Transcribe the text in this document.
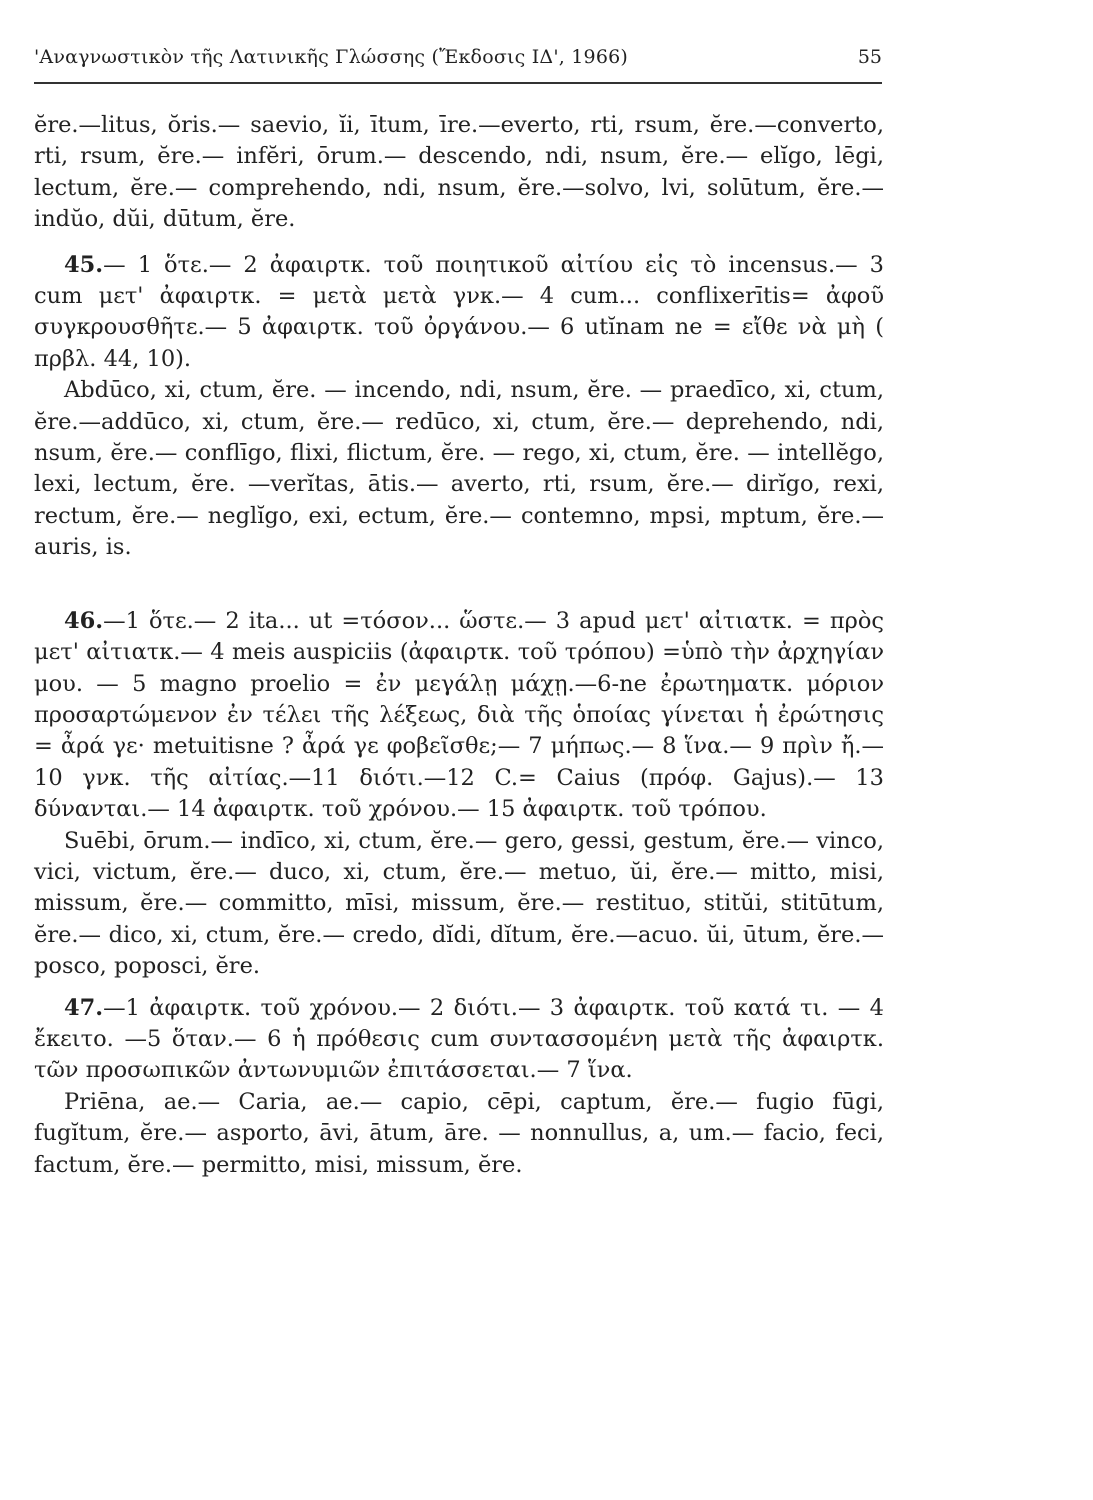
'Αναγνωστικὸν τῆς Λατινικῆς Γλώσσης (Ἔκδοσις ΙΔ', 1966)	55

ĕre.—litus, ŏris.— saevio, ĭi, ītum, īre.—everto, rti, rsum, ĕre.—converto, rti, rsum, ĕre.— infĕri, ōrum.— descendo, ndi, nsum, ĕre.— elĭgo, lēgi, lectum, ĕre.— comprehendo, ndi, nsum, ĕre.—solvo, lvi, solūtum, ĕre.— indŭo, dŭi, dūtum, ĕre.

45.— 1 ὅτε.— 2 ἀφαιρτκ. τοῦ ποιητικοῦ αἰτίου εἰς τὸ incensus.— 3 cum μετ' ἀφαιρτκ. = μετὰ μετὰ γνκ.— 4 cum... conflixerītis= ἀφοῦ συγκρουσθῆτε.— 5 ἀφαιρτκ. τοῦ ὀργάνου.— 6 utĭnam ne = εἴθε νὰ μὴ ( πρβλ. 44, 10).

Abdūco, xi, ctum, ĕre. — incendo, ndi, nsum, ĕre. — praedīco, xi, ctum, ĕre.—addūco, xi, ctum, ĕre.— redūco, xi, ctum, ĕre.— deprehendo, ndi, nsum, ĕre.— conflīgo, flixi, flictum, ĕre. — rego, xi, ctum, ĕre. — intellĕgo, lexi, lectum, ĕre. —verĭtas, ātis.— averto, rti, rsum, ĕre.— dirĭgo, rexi, rectum, ĕre.— neglĭgo, exi, ectum, ĕre.— contemno, mpsi, mptum, ĕre.—auris, is.

46.—1 ὅτε.— 2 ita... ut =τόσον... ὥστε.— 3 apud μετ' αἰτιατκ. = πρὸς μετ' αἰτιατκ.— 4 meis auspiciis (ἀφαιρτκ. τοῦ τρόπου) =ὑπὸ τὴν ἀρχηγίαν μου. — 5 magno proelio = ἐν μεγάλῃ μάχῃ.—6-ne ἐρωτηματκ. μόριον προσαρτώμενον ἐν τέλει τῆς λέξεως, διὰ τῆς ὁποίας γίνεται ἡ ἐρώτησις = ἆρά γε· metuitisne ? ἆρά γε φοβεῖσθε;— 7 μήπως.— 8 ἵνα.— 9 πρὶν ἤ.— 10 γνκ. τῆς αἰτίας.—11 διότι.—12 C.= Caius (πρόφ. Gajus).— 13 δύνανται.— 14 ἀφαιρτκ. τοῦ χρόνου.— 15 ἀφαιρτκ. τοῦ τρόπου.

Suēbi, ōrum.— indīco, xi, ctum, ĕre.— gero, gessi, gestum, ĕre.— vinco, vici, victum, ĕre.— duco, xi, ctum, ĕre.— metuo, ŭi, ĕre.— mitto, misi, missum, ĕre.— committo, mīsi, missum, ĕre.— restituo, stitŭi, stitūtum, ĕre.— dico, xi, ctum, ĕre.— credo, dĭdi, dĭtum, ĕre.—acuo. ŭi, ūtum, ĕre.— posco, poposci, ĕre.

47.—1 ἀφαιρτκ. τοῦ χρόνου.— 2 διότι.— 3 ἀφαιρτκ. τοῦ κατά τι. — 4 ἔκειτο. —5 ὅταν.— 6 ἡ πρόθεσις cum συντασσομένη μετὰ τῆς ἀφαιρτκ. τῶν προσωπικῶν ἀντωνυμιῶν ἐπιτάσσεται.— 7 ἵνα.

Priēna, ae.— Caria, ae.— capio, cēpi, captum, ĕre.— fugio fūgi, fugĭtum, ĕre.— asporto, āvi, ātum, āre. — nonnullus, a, um.— facio, feci, factum, ĕre.— permitto, misi, missum, ĕre.
